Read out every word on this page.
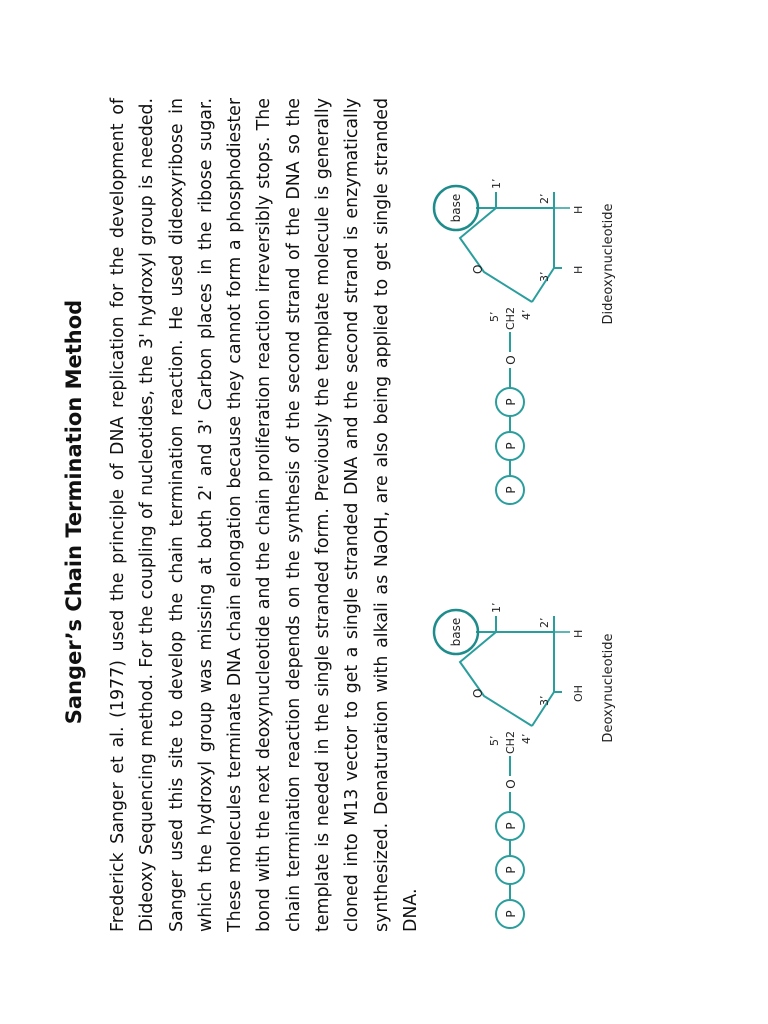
Sanger’s Chain Termination Method Frederick Sanger et al. (1977) used the principle of DNA replication for the development of Dideoxy Sequencing method. For the coupling of nucleotides, the 3' hydroxyl group is needed. Sanger used this site to develop the chain termination reaction. He used dideoxyribose in which the hydroxyl group was missing at both 2' and 3' Carbon places in the ribose sugar. These molecules terminate DNA chain elongation because they cannot form a phosphodiester bond with the next deoxynucleotide and the chain proliferation reaction irreversibly stops. The chain termination reaction depends on the synthesis of the second strand of the DNA so the template is needed in the single stranded form. Previously the template molecule is generally cloned into M13 vector to get a single stranded DNA and the second strand is enzymatically synthesized. Denaturation with alkali as NaOH, are also being applied to get single stranded DNA.	P
P
P
O
5’ CH2 4’
O
1’
2’
3’
H
OH
base
Deoxynucleotide
P
P
P
O
5’ CH2 4’
O
1’
2’
3’
H
H
base	Dideoxynucleotide
